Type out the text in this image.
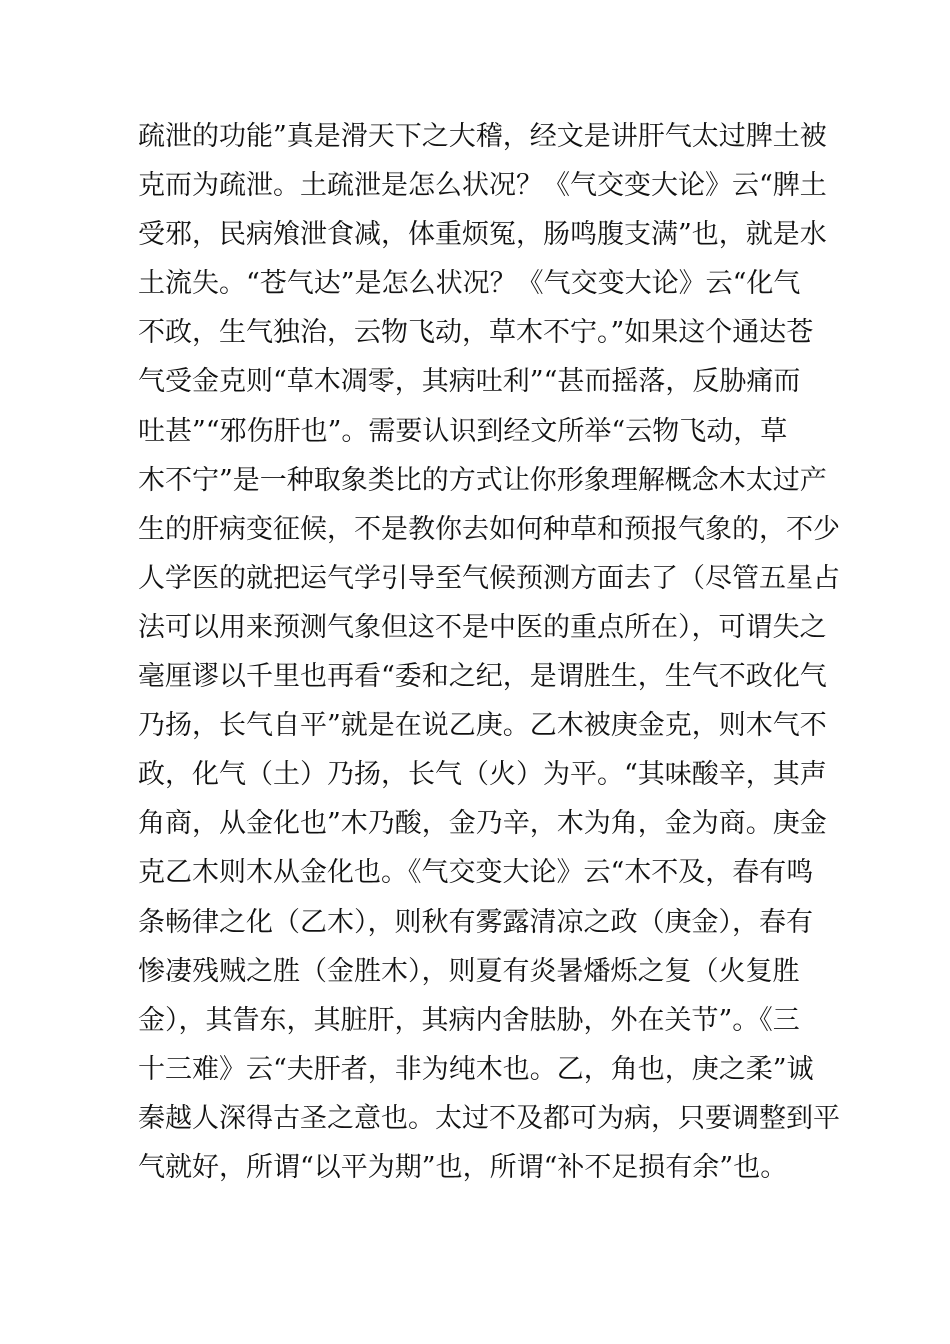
疏泄的功能”真是滑天下之大稽，经文是讲肝气太过脾土被
克而为疏泄。土疏泄是怎么状况？《气交变大论》云“脾土
受邪，民病飧泄食减，体重烦冤，肠鸣腹支满”也，就是水
土流失。“苍气达”是怎么状况？《气交变大论》云“化气
不政，生气独治，云物飞动，草木不宁。”如果这个通达苍
气受金克则“草木凋零，其病吐利”“甚而摇落，反胁痛而
吐甚”“邪伤肝也”。需要认识到经文所举“云物飞动，草
木不宁”是一种取象类比的方式让你形象理解概念木太过产
生的肝病变征候，不是教你去如何种草和预报气象的，不少
人学医的就把运气学引导至气候预测方面去了（尽管五星占
法可以用来预测气象但这不是中医的重点所在），可谓失之
毫厘谬以千里也再看“委和之纪，是谓胜生，生气不政化气
乃扬，长气自平”就是在说乙庚。乙木被庚金克，则木气不
政，化气（土）乃扬，长气（火）为平。“其味酸辛，其声
角商，从金化也”木乃酸，金乃辛，木为角，金为商。庚金
克乙木则木从金化也。《气交变大论》云“木不及，春有鸣
条畅律之化（乙木），则秋有雾露清凉之政（庚金），春有
惨凄残贼之胜（金胜木），则夏有炎暑燔烁之复（火复胜
金），其眚东，其脏肝，其病内舍胠胁，外在关节”。《三
十三难》云“夫肝者，非为纯木也。乙，角也，庚之柔”诚
秦越人深得古圣之意也。太过不及都可为病，只要调整到平
气就好，所谓“以平为期”也，所谓“补不足损有余”也。
